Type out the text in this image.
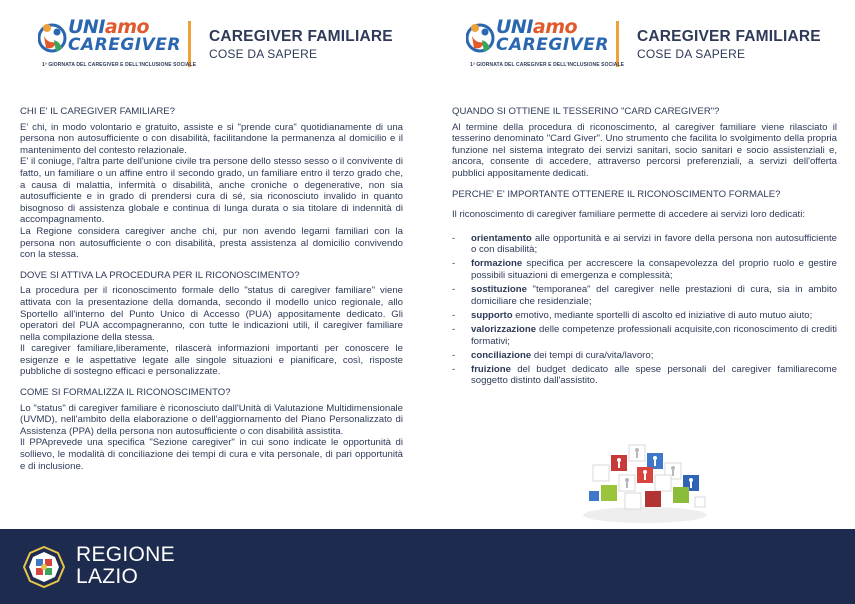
UNIamo
CAREGIVER
1ª GIORNATA DEL CAREGIVER E DELL'INCLUSIONE SOCIALE
CAREGIVER FAMILIARE
COSE DA SAPERE
UNIamo
CAREGIVER
1ª GIORNATA DEL CAREGIVER E DELL'INCLUSIONE SOCIALE
CAREGIVER FAMILIARE
COSE DA SAPERE
CHI E' IL CAREGIVER FAMILIARE?

E' chi, in modo volontario e gratuito, assiste e si "prende cura" quotidianamente di una persona non autosufficiente o con disabilità, facilitandone la permanenza al domicilio e il mantenimento del contesto relazionale.

E' il coniuge, l'altra parte dell'unione civile tra persone dello stesso sesso o il convivente di fatto, un familiare o un affine entro il secondo grado, un familiare entro il terzo grado che, a causa di malattia, infermità o disabilità, anche croniche o degenerative, non sia autosufficiente e in grado di prendersi cura di sé, sia riconosciuto invalido in quanto bisognoso di assistenza globale e continua di lunga durata o sia titolare di indennità di accompagnamento.

La Regione considera caregiver anche chi, pur non avendo legami familiari con la persona non autosufficiente o con disabilità, presta assistenza al domicilio convivendo con la stessa.

DOVE SI ATTIVA LA PROCEDURA PER IL RICONOSCIMENTO?

La procedura per il riconoscimento formale dello "status di caregiver familiare" viene attivata con la presentazione della domanda, secondo il modello unico regionale, allo Sportello all'interno del Punto Unico di Accesso (PUA) appositamente dedicato. Gli operatori del PUA accompagneranno, con tutte le indicazioni utili, il caregiver familiare nella compilazione della stessa.

Il caregiver familiare,liberamente, rilascerà informazioni importanti per conoscere le esigenze e le aspettative legate alle singole situazioni e pianificare, così, risposte pubbliche di sostegno efficaci e personalizzate.

COME SI FORMALIZZA IL RICONOSCIMENTO?

Lo "status" di caregiver familiare è riconosciuto dall'Unità di Valutazione Multidimensionale (UVMD), nell'ambito della elaborazione o dell'aggiornamento del Piano Personalizzato di Assistenza (PPA) della persona non autosufficiente o con disabilità assistita.

Il PPAprevede una specifica "Sezione caregiver" in cui sono indicate le opportunità di sollievo, le modalità di conciliazione dei tempi di cura e vita personale, di pari opportunità e di inclusione.

QUANDO SI OTTIENE IL TESSERINO "CARD CAREGIVER"?

Al termine della procedura di riconoscimento, al caregiver familiare viene rilasciato il tesserino denominato "Card Giver". Uno strumento che facilita lo svolgimento della propria funzione nel sistema integrato dei servizi sanitari, socio sanitari e socio assistenziali e, ancora, consente di accedere, attraverso percorsi preferenziali, a servizi dell'offerta pubblici appositamente dedicati.

PERCHE' E' IMPORTANTE OTTENERE IL RICONOSCIMENTO FORMALE?

Il riconoscimento di caregiver familiare permette di accedere ai servizi loro dedicati:

- orientamento alle opportunità e ai servizi in favore della persona non autosufficiente o con disabilità;
- formazione specifica per accrescere la consapevolezza del proprio ruolo e gestire possibili situazioni di emergenza e complessità;
- sostituzione "temporanea" del caregiver nelle prestazioni di cura, sia in ambito domiciliare che residenziale;
- supporto emotivo, mediante sportelli di ascolto ed iniziative di auto mutuo aiuto;
- valorizzazione delle competenze professionali acquisite,con riconoscimento di crediti formativi;
- conciliazione dei tempi di cura/vita/lavoro;
- fruizione del budget dedicato alle spese personali del caregiver familiarecome soggetto distinto dall'assistito.
REGIONE
LAZIO
